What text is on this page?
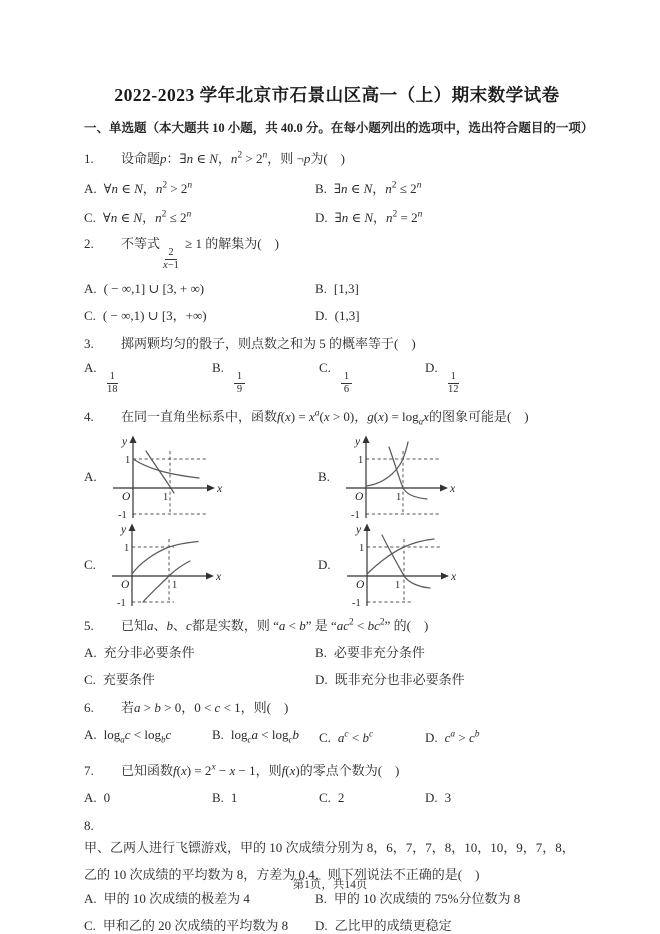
2022-2023 学年北京市石景山区高一（上）期末数学试卷
一、单选题（本大题共 10 小题，共 40.0 分。在每小题列出的选项中，选出符合题目的一项）
1. 设命题p：∃n ∈ N，$n^2 > 2^n$，则 ¬p为(　)
A. ∀n ∈ N，$n^2 > 2^n$	B. ∃n ∈ N，$n^2 \le 2^n$
C. ∀n ∈ N，$n^2 \le 2^n$	D. ∃n ∈ N，$n^2 = 2^n$
2. 不等式
$\frac{2}{x-1}$
≥ 1 的解集为(　)
A. ( − ∞,1] ∪ [3, + ∞)	B. [1,3]
C. ( − ∞,1) ∪ [3，+∞)	D. (1,3]
3. 掷两颗均匀的骰子，则点数之和为 5 的概率等于(　)
A.
$\frac{1}{18}$
B.
$\frac{1}{9}$
C.
$\frac{1}{6}$
D.
$\frac{1}{12}$
4. 在同一直角坐标系中，函数$f(x) = x^a(x > 0)$，$g(x) = \log_ax$的图象可能是(　)
A.
y
x
O
1
1
-1
B.
y
x
O
1
1
-1
C.
y
x
O
1
1
-1
D.
y
x
O
1
1
-1
5. 已知a、b、c都是实数，则 “a < b” 是 “$ac^2 < bc^2$” 的(　)
A. 充分非必要条件	B. 必要非充分条件
C. 充要条件	D. 既非充分也非必要条件
6. 若a > b > 0，0 < c < 1，则(　)
A. $\log_ac < \log_bc$	B. $\log_ca < \log_cb$	C. $a^c < b^c$	D. $c^a > c^b$
7. 已知函数$f(x) = 2^x - x - 1$，则f(x)的零点个数为(　)
A. 0	B. 1	C. 2	D. 3
8.甲、乙两人进行飞镖游戏，甲的 10 次成绩分别为 8，6，7，7，8，10，10，9，7，8，
乙的 10 次成绩的平均数为 8，方差为 0.4，则下列说法不正确的是(　)
A. 甲的 10 次成绩的极差为 4	B. 甲的 10 次成绩的 75%分位数为 8
C. 甲和乙的 20 次成绩的平均数为 8	D. 乙比甲的成绩更稳定
第1页，共14页
